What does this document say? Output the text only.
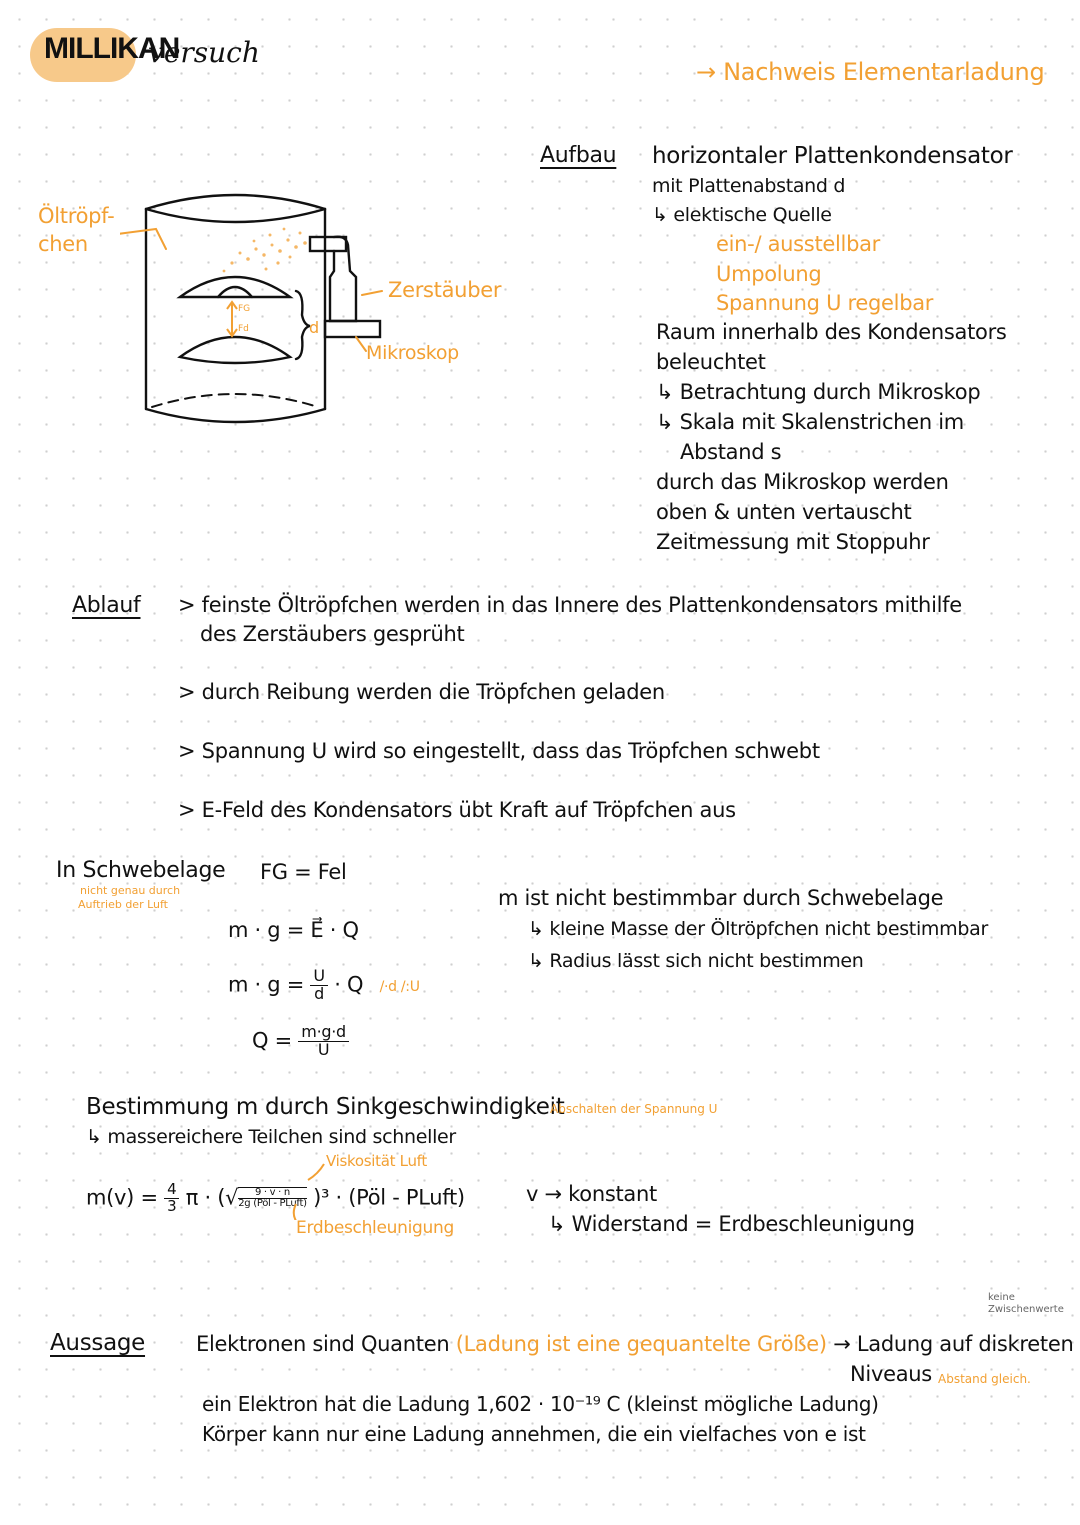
MILLIKAN
versuch
→ Nachweis Elementarladung
Öltröpf-
chen
Zerstäuber
Mikroskop
d
FG
Fd
Aufbau horizontaler Plattenkondensator
mit Plattenabstand d
↳ elektische Quelle
ein-/ ausstellbar
Umpolung
Spannung U regelbar
Raum innerhalb des Kondensators
beleuchtet
↳ Betrachtung durch Mikroskop
↳ Skala mit Skalenstrichen im
Abstand s
durch das Mikroskop werden
oben & unten vertauscht
Zeitmessung mit Stoppuhr
Ablauf > feinste Öltröpfchen werden in das Innere des Plattenkondensators mithilfe
des Zerstäubers gesprüht
> durch Reibung werden die Tröpfchen geladen
> Spannung U wird so eingestellt, dass das Tröpfchen schwebt
> E-Feld des Kondensators übt Kraft auf Tröpfchen aus
In Schwebelage
nicht genau durch
Auftrieb der Luft
FG = Fel
m · g = E⃗ · Q
$m \cdot g = \frac{U}{d} \cdot Q$ /·d /:U
$Q = \frac{m\cdot g\cdot d}{U}$
m ist nicht bestimmbar durch Schwebelage
↳ kleine Masse der Öltröpfchen nicht bestimmbar
↳ Radius lässt sich nicht bestimmen
Bestimmung m durch Sinkgeschwindigkeit
Abschalten der Spannung U
↳ massereichere Teilchen sind schneller
Viskosität Luft
$m(v) = \frac{4}{3}$ π · (√ $\frac{9 \cdot v \cdot n}{\text{2g (Pöl - PLuft)}} )^3$ · (Pöl - PLuft)
Erdbeschleunigung
v → konstant
↳ Widerstand = Erdbeschleunigung
Aussage Elektronen sind Quanten (Ladung ist eine gequantelte Größe) → Ladung auf diskreten
Niveaus Abstand gleich.
keine
Zwischenwerte
ein Elektron hat die Ladung 1,602 · 10⁻¹⁹ C (kleinst mögliche Ladung)
Körper kann nur eine Ladung annehmen, die ein vielfaches von e ist
